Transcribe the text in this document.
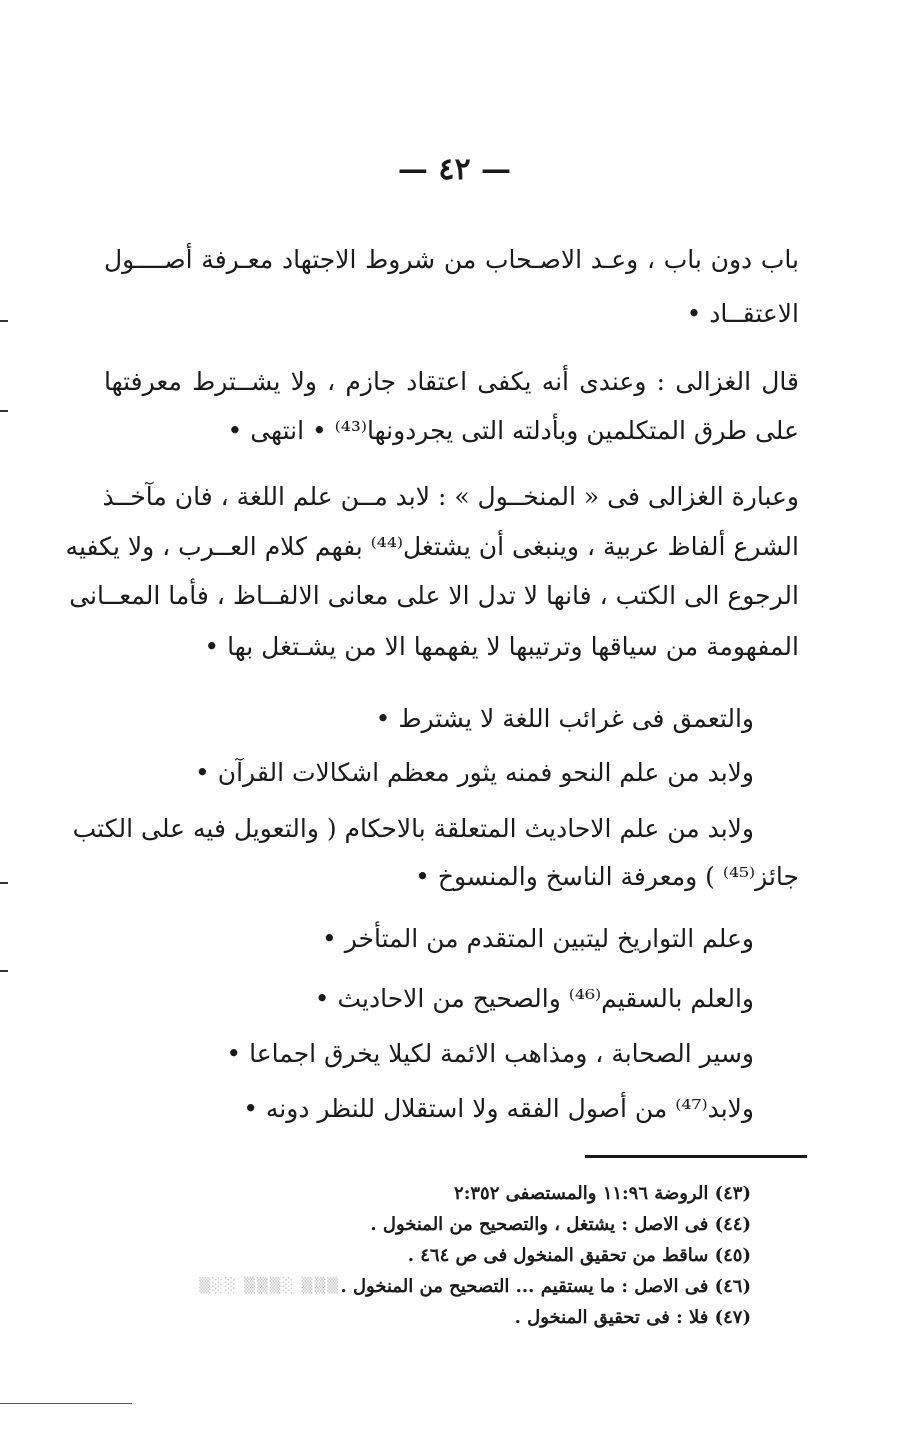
— ٤٢ —
باب دون باب ، وعـد الاصـحاب من شروط الاجتهاد معـرفة أصــــول
الاعتقــاد •
قال الغزالى : وعندى أنه يكفى اعتقاد جازم ، ولا يشــترط معرفتها
على طرق المتكلمين وبأدلته التى يجردونها⁽⁴³⁾ • انتهى •
وعبارة الغزالى فى « المنخــول » : لابد مــن علم اللغة ، فان مآخــذ
الشرع ألفاظ عربية ، وينبغى أن يشتغل⁽⁴⁴⁾ بفهم كلام العــرب ، ولا يكفيه
الرجوع الى الكتب ، فانها لا تدل الا على معانى الالفــاظ ، فأما المعــانى
المفهومة من سياقها وترتيبها لا يفهمها الا من يشـتغل بها •
والتعمق فى غرائب اللغة لا يشترط •
ولابد من علم النحو فمنه يثور معظم اشكالات القرآن •
ولابد من علم الاحاديث المتعلقة بالاحكام ( والتعويل فيه على الكتب
جائز⁽⁴⁵⁾ ) ومعرفة الناسخ والمنسوخ •
وعلم التواريخ ليتبين المتقدم من المتأخر •
والعلم بالسقيم⁽⁴⁶⁾ والصحيح من الاحاديث •
وسير الصحابة ، ومذاهب الائمة لكيلا يخرق اجماعا •
ولابد⁽⁴⁷⁾ من أصول الفقه ولا استقلال للنظر دونه •
(٤٣) الروضة ١١:٩٦ والمستصفى ٢:٣٥٢
(٤٤) فى الاصل : يشتغل ، والتصحيح من المنخول .
(٤٥) ساقط من تحقيق المنخول فى ص ٤٦٤ .
(٤٦) فى الاصل : ما يستقيم ... التصحيح من المنخول .
(٤٧) فلا : فى تحقيق المنخول .
▒▒▒ ░▒▒▒ ░░▒
